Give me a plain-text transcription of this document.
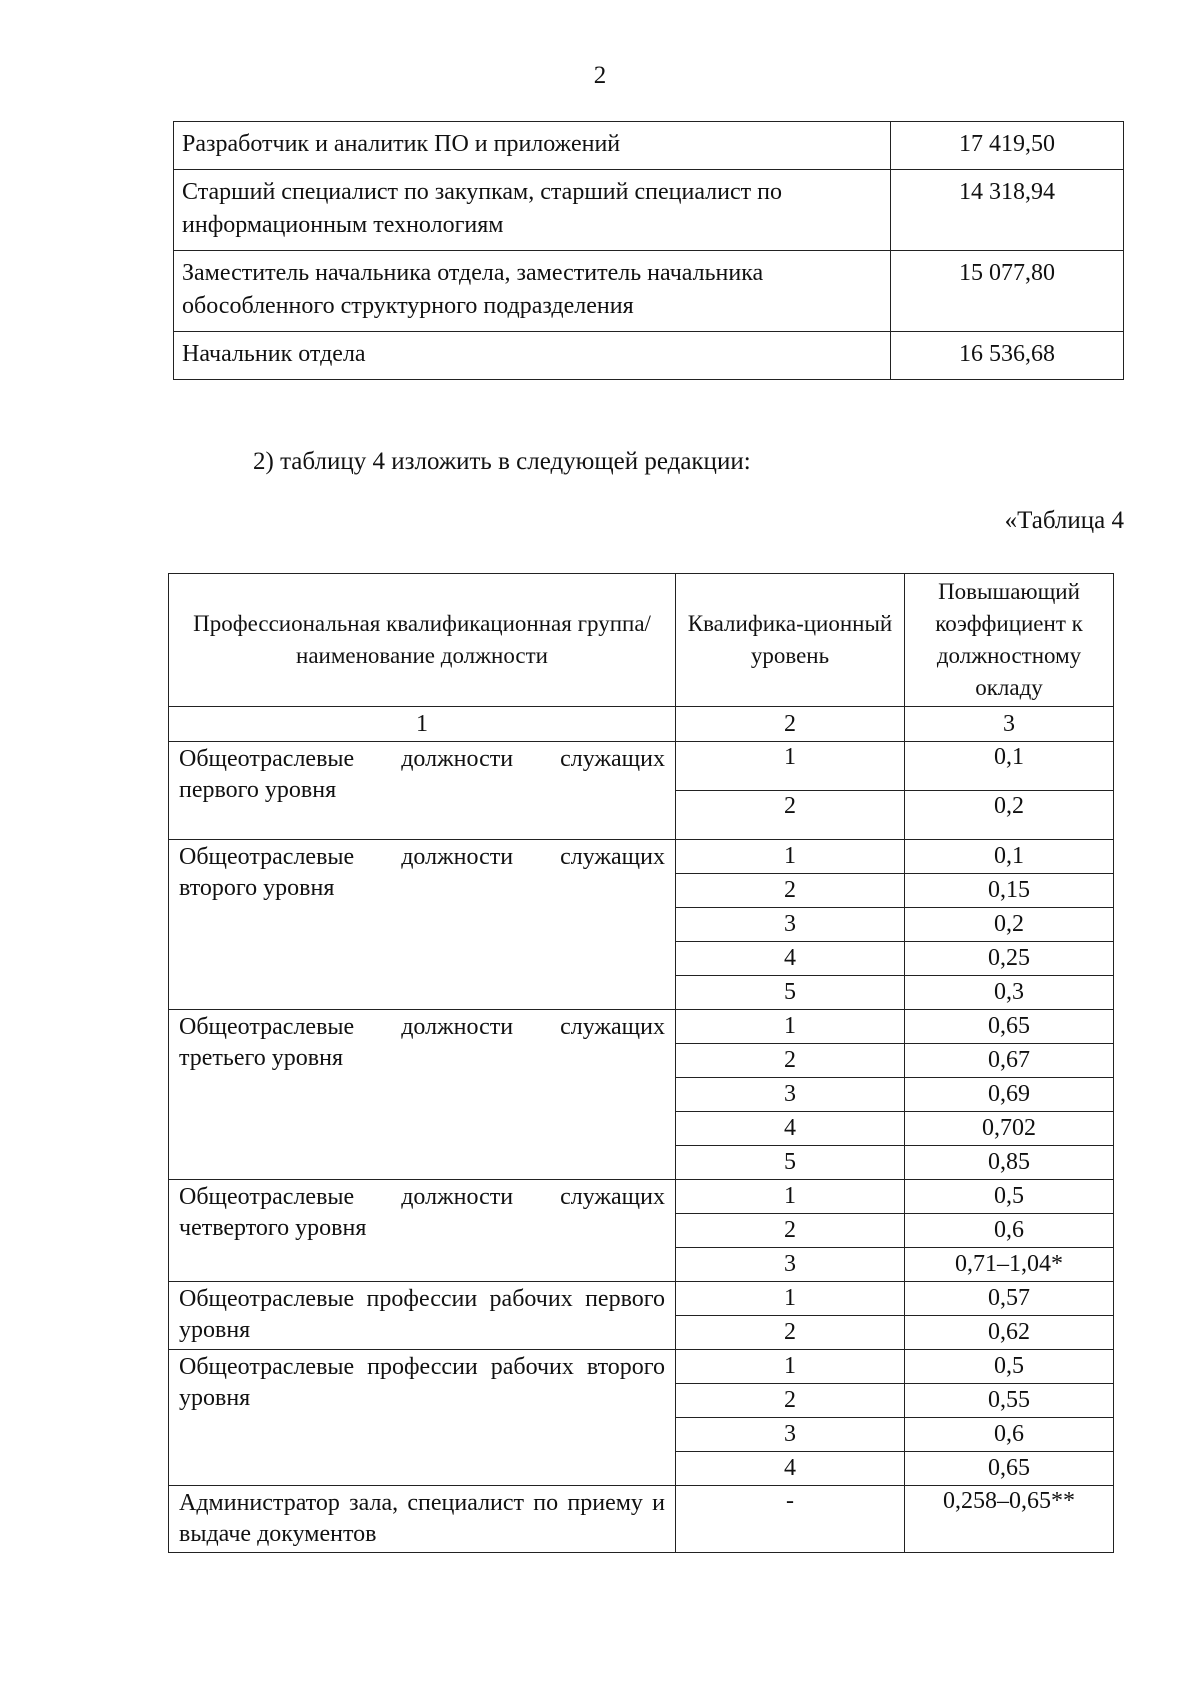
2
Разработчик и аналитик ПО и приложений	17 419,50
Старший специалист по закупкам, старший специалист по информационным технологиям	14 318,94
Заместитель начальника отдела, заместитель начальника обособленного структурного подразделения	15 077,80
Начальник отдела	16 536,68
2) таблицу 4 изложить в следующей редакции:
«Таблица 4
Профессиональная квалификационная группа/ наименование должности	Квалифика-ционный уровень	Повышающий коэффициент к должностному окладу
1	2	3
Общеотраслевые должности служащих первого уровня	1	0,1
	2	0,2
Общеотраслевые должности служащих второго уровня	1	0,1
	2	0,15
	3	0,2
	4	0,25
	5	0,3
Общеотраслевые должности служащих третьего уровня	1	0,65
	2	0,67
	3	0,69
	4	0,702
	5	0,85
Общеотраслевые должности служащих четвертого уровня	1	0,5
	2	0,6
	3	0,71–1,04*
Общеотраслевые профессии рабочих первого уровня	1	0,57
	2	0,62
Общеотраслевые профессии рабочих второго уровня	1	0,5
	2	0,55
	3	0,6
	4	0,65
Администратор зала, специалист по приему и выдаче документов	-	0,258–0,65**
